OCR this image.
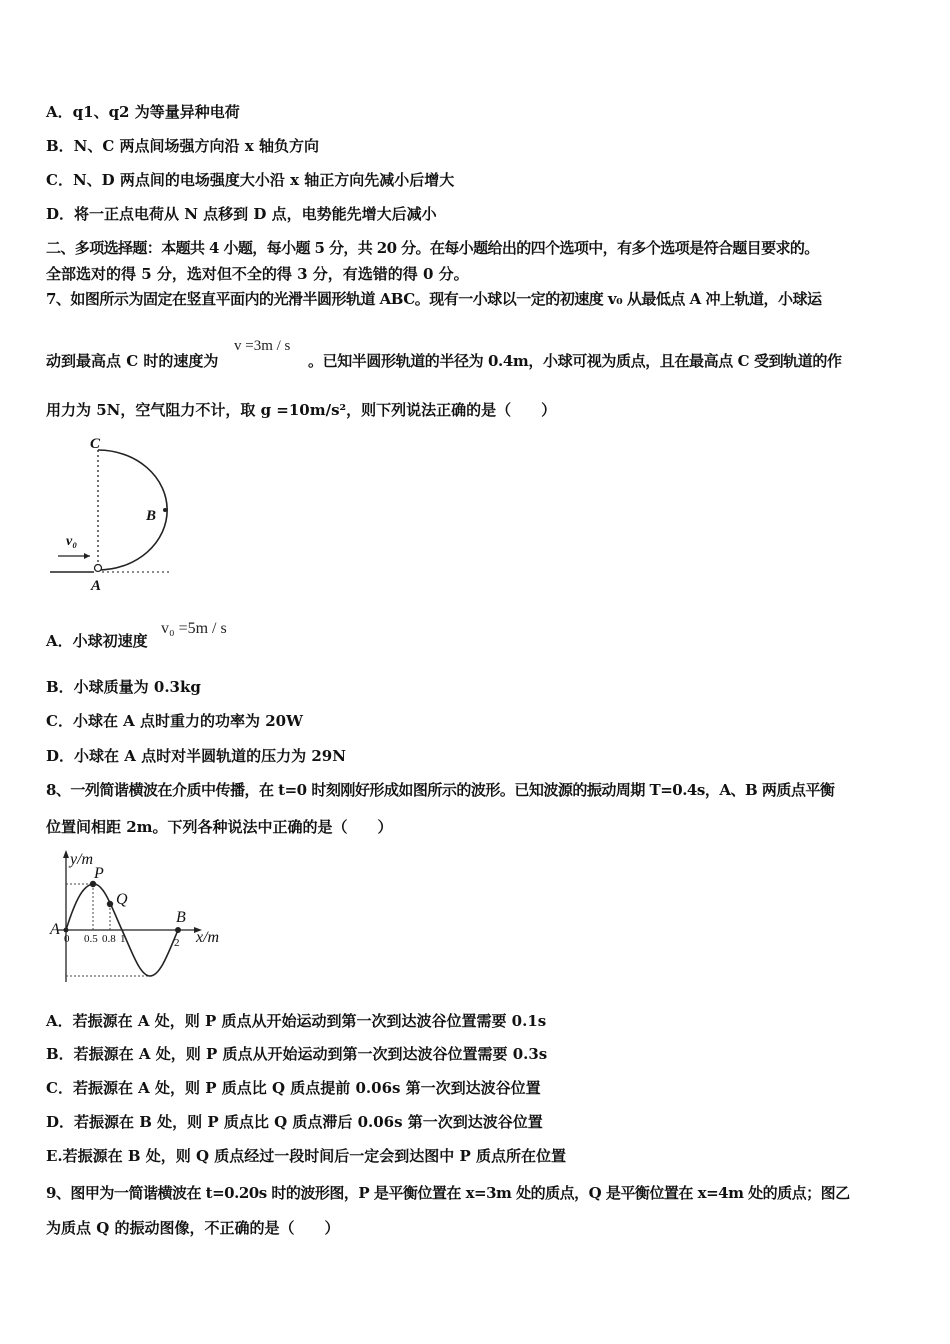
A．q1、q2 为等量异种电荷
B．N、C 两点间场强方向沿 x 轴负方向
C．N、D 两点间的电场强度大小沿 x 轴正方向先减小后增大
D．将一正点电荷从 N 点移到 D 点，电势能先增大后减小
二、多项选择题：本题共 4 小题，每小题 5 分，共 20 分。在每小题给出的四个选项中，有多个选项是符合题目要求的。
全部选对的得 5 分，选对但不全的得 3 分，有选错的得 0 分。
7、如图所示为固定在竖直平面内的光滑半圆形轨道 ABC。现有一小球以一定的初速度 v₀ 从最低点 A 冲上轨道，小球运
动到最高点 C 时的速度为
v =3m / s
。已知半圆形轨道的半径为 0.4m，小球可视为质点，且在最高点 C 受到轨道的作
用力为 5N，空气阻力不计，取 g =10m/s²，则下列说法正确的是（　　）
C
B
v₀
A
A．小球初速度
v₀ =5m / s
B．小球质量为 0.3kg
C．小球在 A 点时重力的功率为 20W
D．小球在 A 点时对半圆轨道的压力为 29N
8、一列简谐横波在介质中传播，在 t=0 时刻刚好形成如图所示的波形。已知波源的振动周期 T=0.4s，A、B 两质点平衡
位置间相距 2m。下列各种说法中正确的是（　　）
y/m
x/m
P
Q
B
A
0 0.5 0.8 1	2
A．若振源在 A 处，则 P 质点从开始运动到第一次到达波谷位置需要 0.1s
B．若振源在 A 处，则 P 质点从开始运动到第一次到达波谷位置需要 0.3s
C．若振源在 A 处，则 P 质点比 Q 质点提前 0.06s 第一次到达波谷位置
D．若振源在 B 处，则 P 质点比 Q 质点滞后 0.06s 第一次到达波谷位置
E.若振源在 B 处，则 Q 质点经过一段时间后一定会到达图中 P 质点所在位置
9、图甲为一简谐横波在 t=0.20s 时的波形图，P 是平衡位置在 x=3m 处的质点，Q 是平衡位置在 x=4m 处的质点；图乙
为质点 Q 的振动图像，不正确的是（　　）
